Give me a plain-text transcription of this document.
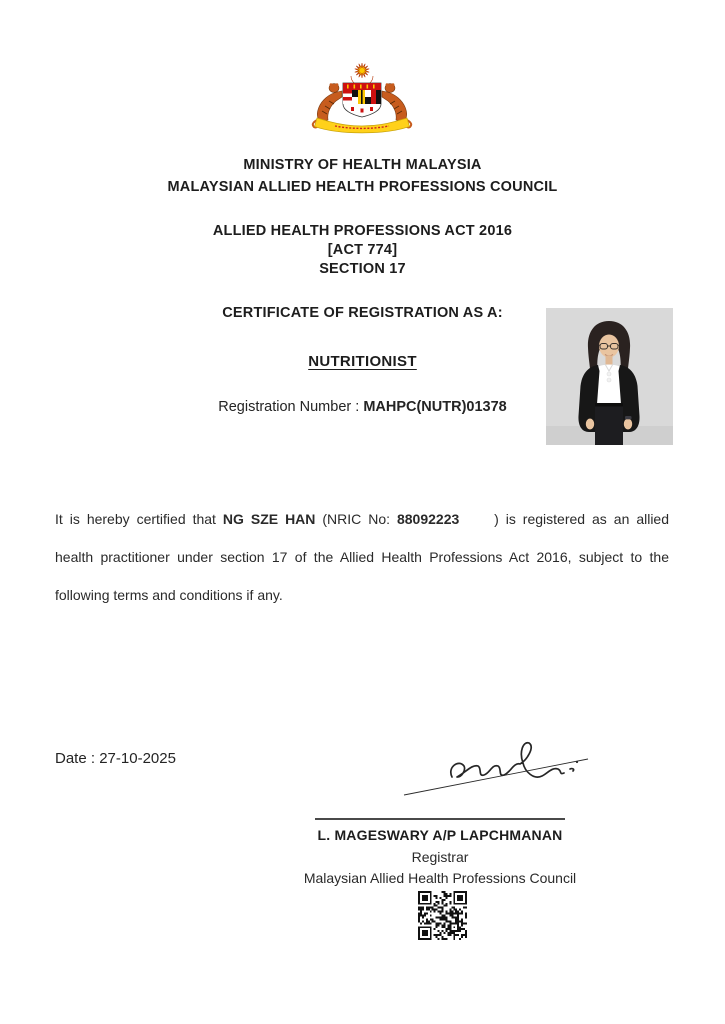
MINISTRY OF HEALTH MALAYSIA
MALAYSIAN ALLIED HEALTH PROFESSIONS COUNCIL
ALLIED HEALTH PROFESSIONS ACT 2016
[ACT 774]
SECTION 17
CERTIFICATE OF REGISTRATION AS A:
NUTRITIONIST
Registration Number : MAHPC(NUTR)01378
It is hereby certified that NG SZE HAN (NRIC No: 88092223     ) is registered as an allied
health practitioner under section 17 of the Allied Health Professions Act 2016, subject to the
following terms and conditions if any.
Date : 27-10-2025
L. MAGESWARY A/P LAPCHMANAN
Registrar
Malaysian Allied Health Professions Council
